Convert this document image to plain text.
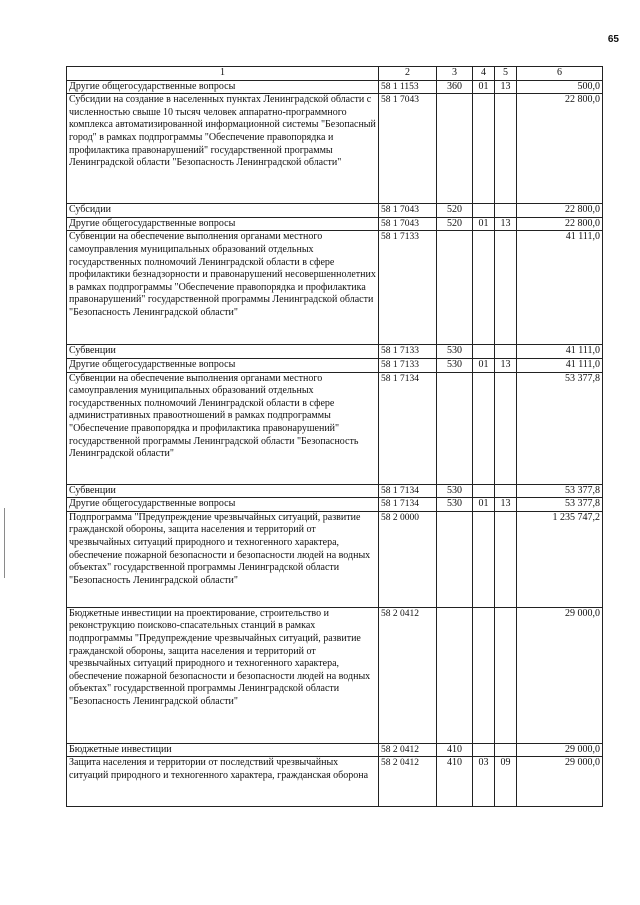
65
1	2	3	4	5	6
Другие общегосударственные вопросы	58 1 1153	360	01	13	500,0
Субсидии на создание в населенных пунктах Ленинградской области с численностью свыше 10 тысяч человек аппаратно-программного комплекса автоматизированной информационной системы "Безопасный город" в рамках подпрограммы "Обеспечение правопорядка и профилактика правонарушений" государственной программы Ленинградской области "Безопасность Ленинградской области"	58 1 7043				22 800,0
Субсидии	58 1 7043	520			22 800,0
Другие общегосударственные вопросы	58 1 7043	520	01	13	22 800,0
Субвенции на обеспечение выполнения органами местного самоуправления муниципальных образований отдельных государственных полномочий Ленинградской области в сфере профилактики безнадзорности и правонарушений несовершеннолетних в рамках подпрограммы "Обеспечение правопорядка и профилактика правонарушений" государственной программы Ленинградской области "Безопасность Ленинградской области"	58 1 7133				41 111,0
Субвенции	58 1 7133	530			41 111,0
Другие общегосударственные вопросы	58 1 7133	530	01	13	41 111,0
Субвенции на обеспечение выполнения органами местного самоуправления муниципальных образований отдельных государственных полномочий Ленинградской области в сфере административных правоотношений в рамках подпрограммы "Обеспечение правопорядка и профилактика правонарушений" государственной программы Ленинградской области "Безопасность Ленинградской области"	58 1 7134				53 377,8
Субвенции	58 1 7134	530			53 377,8
Другие общегосударственные вопросы	58 1 7134	530	01	13	53 377,8
Подпрограмма "Предупреждение чрезвычайных ситуаций, развитие гражданской обороны, защита населения и территорий от чрезвычайных ситуаций природного и техногенного характера, обеспечение пожарной безопасности и безопасности людей на водных объектах" государственной программы Ленинградской области "Безопасность Ленинградской области"	58 2 0000				1 235 747,2
Бюджетные инвестиции на проектирование, строительство и реконструкцию поисково-спасательных станций в рамках подпрограммы "Предупреждение чрезвычайных ситуаций, развитие гражданской обороны, защита населения и территорий от чрезвычайных ситуаций природного и техногенного характера, обеспечение пожарной безопасности и безопасности людей на водных объектах" государственной программы Ленинградской области "Безопасность Ленинградской области"	58 2 0412				29 000,0
Бюджетные инвестиции	58 2 0412	410			29 000,0
Защита населения и территории от последствий чрезвычайных ситуаций природного и техногенного характера, гражданская оборона	58 2 0412	410	03	09	29 000,0
